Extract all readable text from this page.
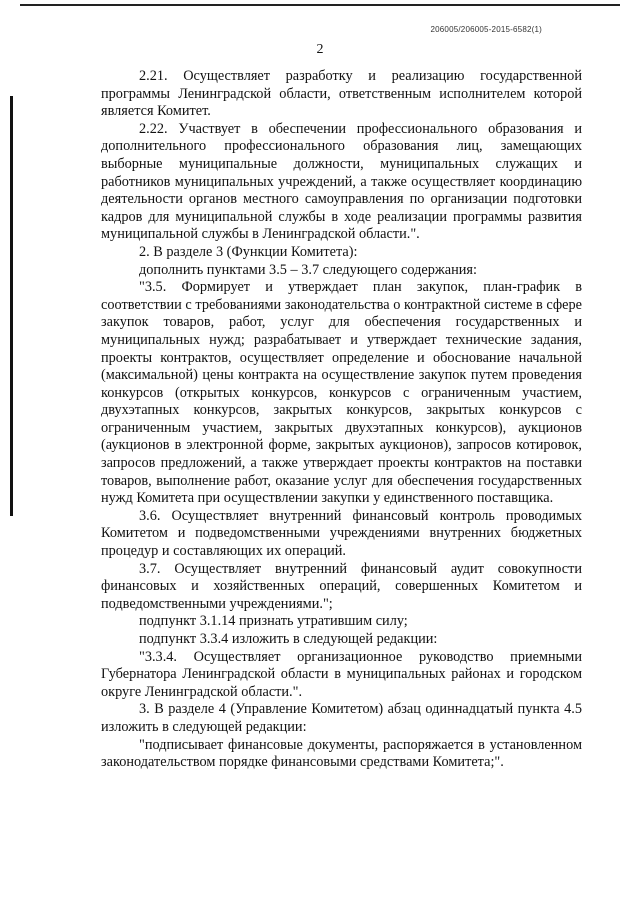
206005/206005-2015-6582(1)
2

2.21. Осуществляет разработку и реализацию государственной программы Ленинградской области, ответственным исполнителем которой является Комитет.

2.22. Участвует в обеспечении профессионального образования и дополнительного профессионального образования лиц, замещающих выборные муниципальные должности, муниципальных служащих и работников муниципальных учреждений, а также осуществляет координацию деятельности органов местного самоуправления по организации подготовки кадров для муниципальной службы в ходе реализации программы развития муниципальной службы в Ленинградской области.".

2. В разделе 3 (Функции Комитета):

дополнить пунктами 3.5 – 3.7 следующего содержания:

"3.5. Формирует и утверждает план закупок, план-график в соответствии с требованиями законодательства о контрактной системе в сфере закупок товаров, работ, услуг для обеспечения государственных и муниципальных нужд; разрабатывает и утверждает технические задания, проекты контрактов, осуществляет определение и обоснование начальной (максимальной) цены контракта на осуществление закупок путем проведения конкурсов (открытых конкурсов, конкурсов с ограниченным участием, двухэтапных конкурсов, закрытых конкурсов, закрытых конкурсов с ограниченным участием, закрытых двухэтапных конкурсов), аукционов (аукционов в электронной форме, закрытых аукционов), запросов котировок, запросов предложений, а также утверждает проекты контрактов на поставки товаров, выполнение работ, оказание услуг для обеспечения государственных нужд Комитета при осуществлении закупки у единственного поставщика.

3.6. Осуществляет внутренний финансовый контроль проводимых Комитетом и подведомственными учреждениями внутренних бюджетных процедур и составляющих их операций.

3.7. Осуществляет внутренний финансовый аудит совокупности финансовых и хозяйственных операций, совершенных Комитетом и подведомственными учреждениями.";

подпункт 3.1.14 признать утратившим силу;

подпункт 3.3.4 изложить в следующей редакции:

"3.3.4. Осуществляет организационное руководство приемными Губернатора Ленинградской области в муниципальных районах и городском округе Ленинградской области.".

3. В разделе 4 (Управление Комитетом) абзац одиннадцатый пункта 4.5 изложить в следующей редакции:

"подписывает финансовые документы, распоряжается в установленном законодательством порядке финансовыми средствами Комитета;".
